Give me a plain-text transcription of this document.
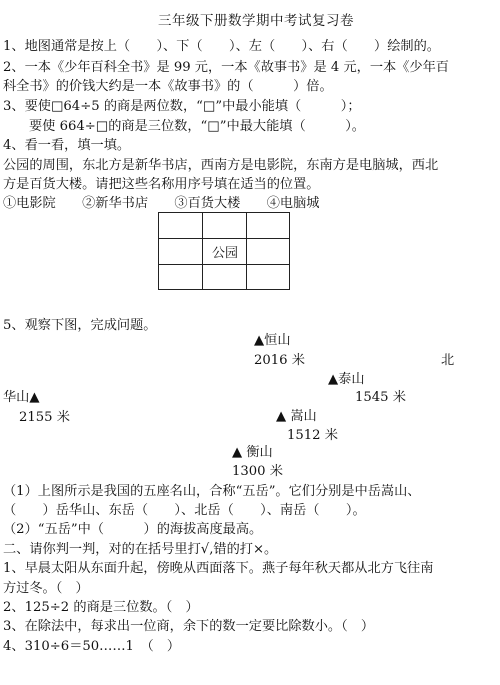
三年级下册数学期中考试复习卷
1、地图通常是按上（　　）、下（　　）、左（　　）、右（　　）绘制的。
2、一本《少年百科全书》是 99 元，一本《故事书》是 4 元，一本《少年百
科全书》的价钱大约是一本《故事书》的（　　　）倍。
3、要使□64÷5 的商是两位数，“□”中最小能填（　　　）；
要使 664÷□的商是三位数，“□”中最大能填（　　　）。
4、看一看，填一填。
公园的周围，东北方是新华书店，西南方是电影院，东南方是电脑城，西北
方是百货大楼。请把这些名称用序号填在适当的位置。
①电影院　　②新华书店　　③百货大楼　　④电脑城
公园
5、观察下图，完成问题。
▲恒山
2016 米	北
▲泰山
1545 米
华山▲
2155 米	▲ 嵩山
1512 米
▲ 衡山
1300 米
（1）上图所示是我国的五座名山，合称“五岳”。它们分别是中岳嵩山、
（　　）岳华山、东岳（　　）、北岳（　　）、南岳（　　）。
（2）“五岳”中（　　　）的海拔高度最高。
二、请你判一判，对的在括号里打√,错的打×。
1、早晨太阳从东面升起，傍晚从西面落下。燕子每年秋天都从北方飞往南
方过冬。（　）
2、125÷2 的商是三位数。（　）
3、在除法中，每求出一位商，余下的数一定要比除数小。（　）
4、310÷6＝50……1　（　）
